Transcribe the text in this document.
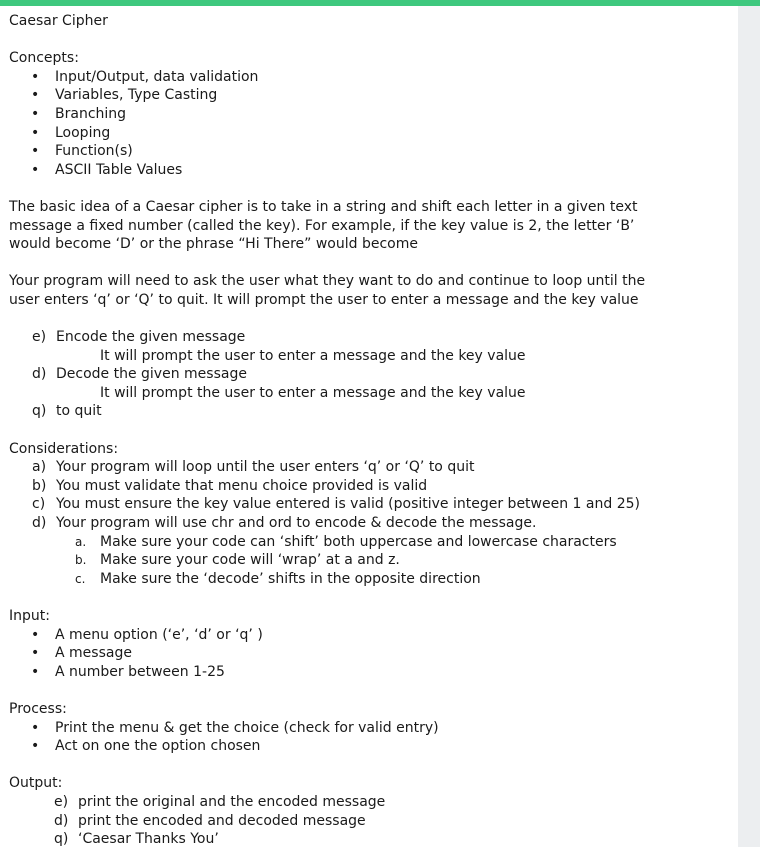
Caesar Cipher

Concepts:

• Input/Output, data validation

• Variables, Type Casting

• Branching

• Looping

• Function(s)

• ASCII Table Values

The basic idea of a Caesar cipher is to take in a string and shift each letter in a given text

message a fixed number (called the key). For example, if the key value is 2, the letter ‘B’

would become ‘D’ or the phrase “Hi There” would become

Your program will need to ask the user what they want to do and continue to loop until the

user enters ‘q’ or ‘Q’ to quit. It will prompt the user to enter a message and the key value

e) Encode the given message

It will prompt the user to enter a message and the key value

d) Decode the given message

It will prompt the user to enter a message and the key value

q) to quit

Considerations:

a) Your program will loop until the user enters ‘q’ or ‘Q’ to quit

b) You must validate that menu choice provided is valid

c) You must ensure the key value entered is valid (positive integer between 1 and 25)

d) Your program will use chr and ord to encode & decode the message.

a. Make sure your code can ‘shift’ both uppercase and lowercase characters

b. Make sure your code will ‘wrap’ at a and z.

c.	Make sure the ‘decode’ shifts in the opposite direction

Input:

• A menu option (‘e’, ‘d’ or ‘q’ )

• A message

• A number between 1-25

Process:

• Print the menu & get the choice (check for valid entry)

• Act on one the option chosen

Output:

e) print the original and the encoded message

d) print the encoded and decoded message

q) ‘Caesar Thanks You’
